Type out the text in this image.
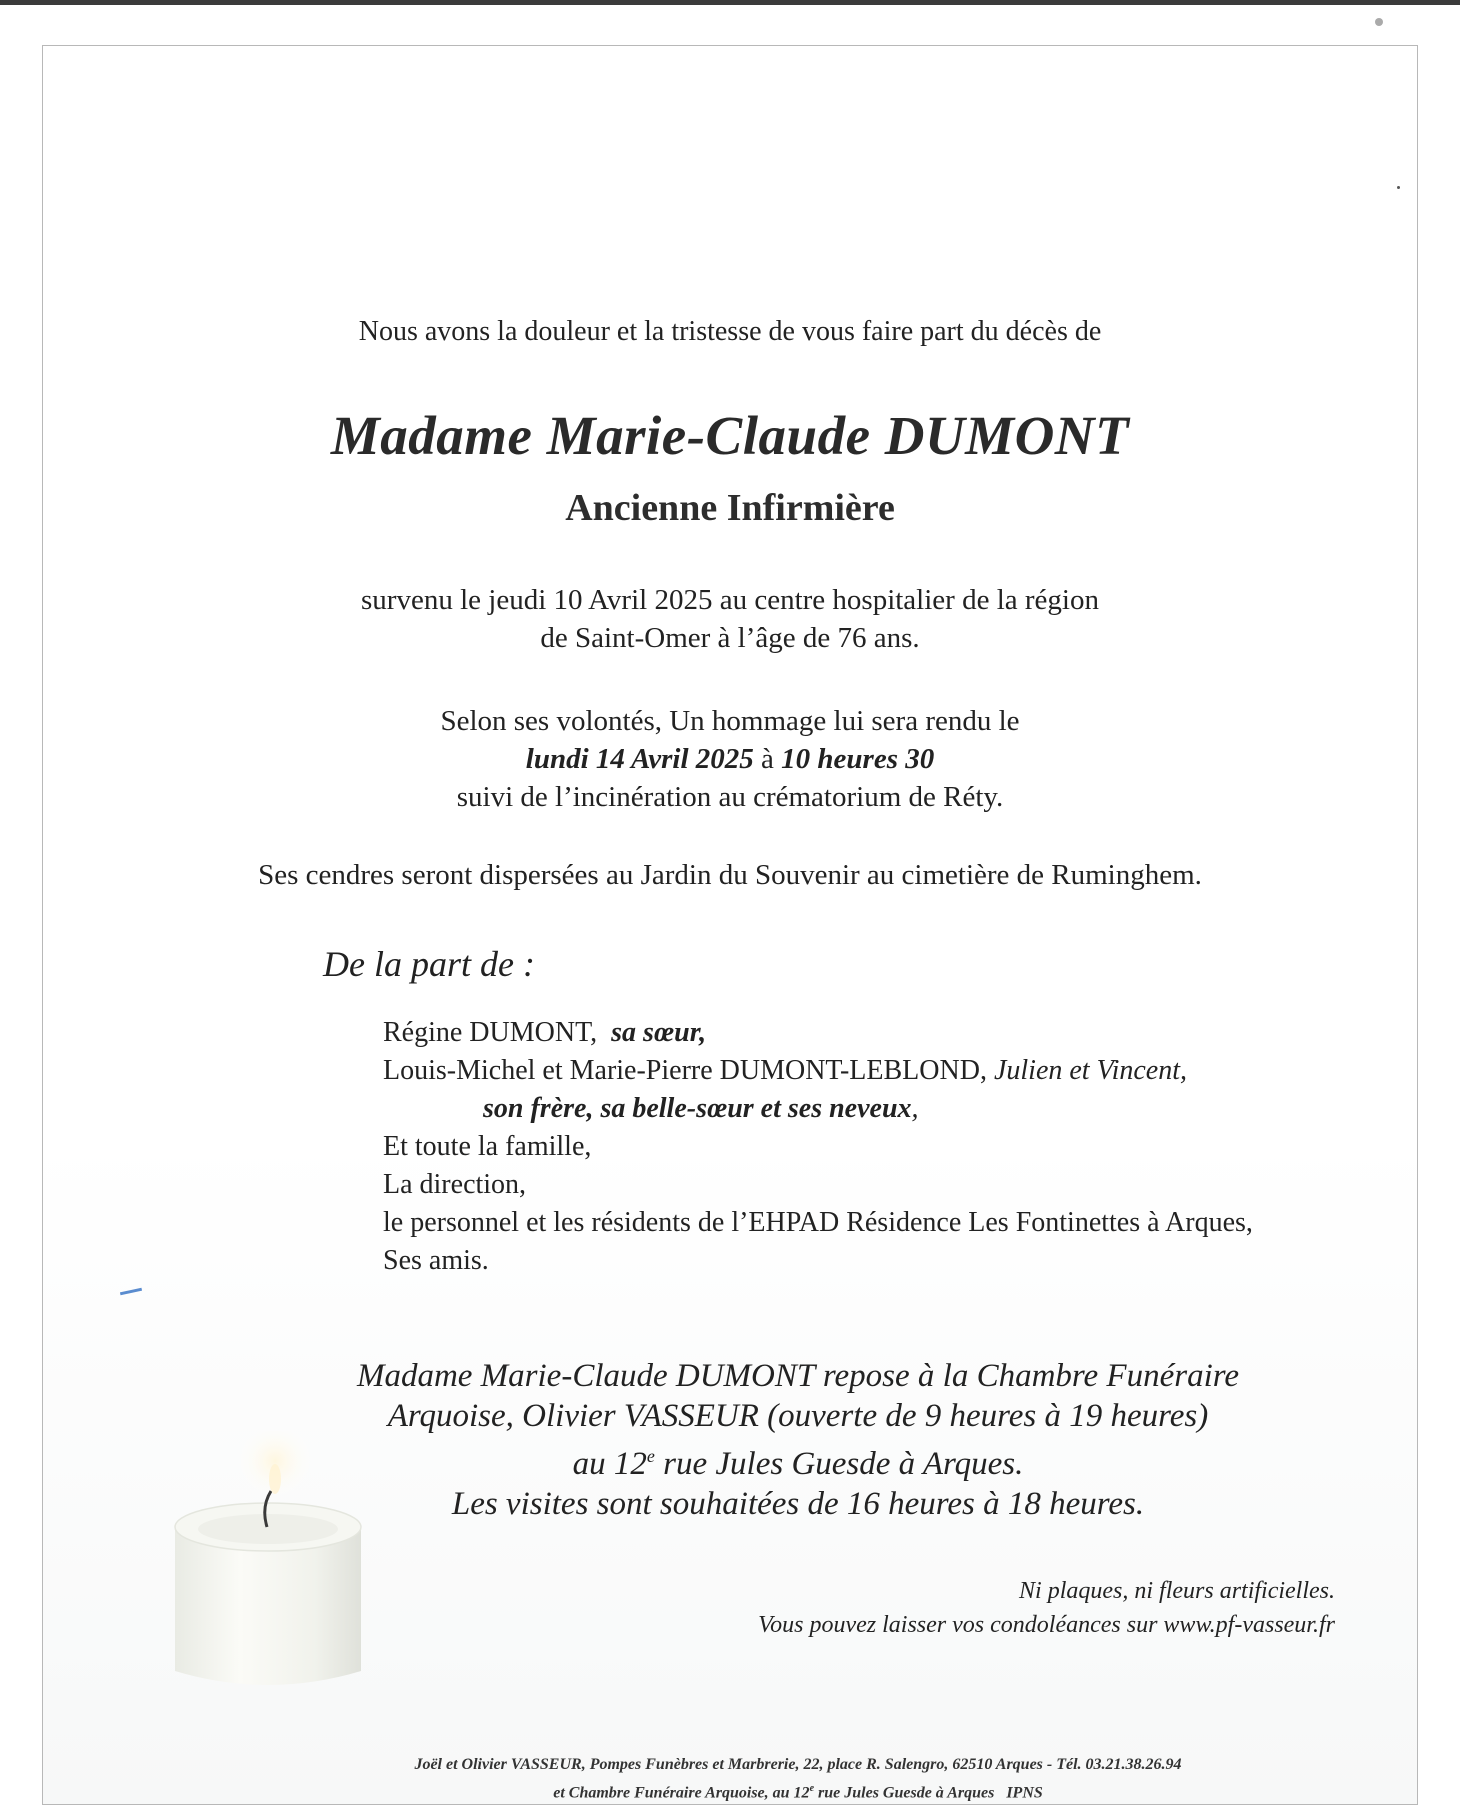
Nous avons la douleur et la tristesse de vous faire part du décès de
Madame Marie-Claude DUMONT
Ancienne Infirmière
survenu le jeudi 10 Avril 2025 au centre hospitalier de la région
de Saint-Omer à l’âge de 76 ans.
Selon ses volontés, Un hommage lui sera rendu le
lundi 14 Avril 2025 à 10 heures 30
suivi de l’incinération au crématorium de Réty.
Ses cendres seront dispersées au Jardin du Souvenir au cimetière de Ruminghem.
De la part de :
Régine DUMONT,  sa sœur,
Louis-Michel et Marie-Pierre DUMONT-LEBLOND, Julien et Vincent,
son frère, sa belle-sœur et ses neveux,
Et toute la famille,
La direction,
le personnel et les résidents de l’EHPAD Résidence Les Fontinettes à Arques,
Ses amis.
Madame Marie-Claude DUMONT repose à la Chambre Funéraire
Arquoise, Olivier VASSEUR (ouverte de 9 heures à 19 heures)
au 12e rue Jules Guesde à Arques.
Les visites sont souhaitées de 16 heures à 18 heures.
Ni plaques, ni fleurs artificielles.
Vous pouvez laisser vos condoléances sur www.pf-vasseur.fr
Joël et Olivier VASSEUR, Pompes Funèbres et Marbrerie, 22, place R. Salengro, 62510 Arques - Tél. 03.21.38.26.94
et Chambre Funéraire Arquoise, au 12e rue Jules Guesde à Arques   IPNS
